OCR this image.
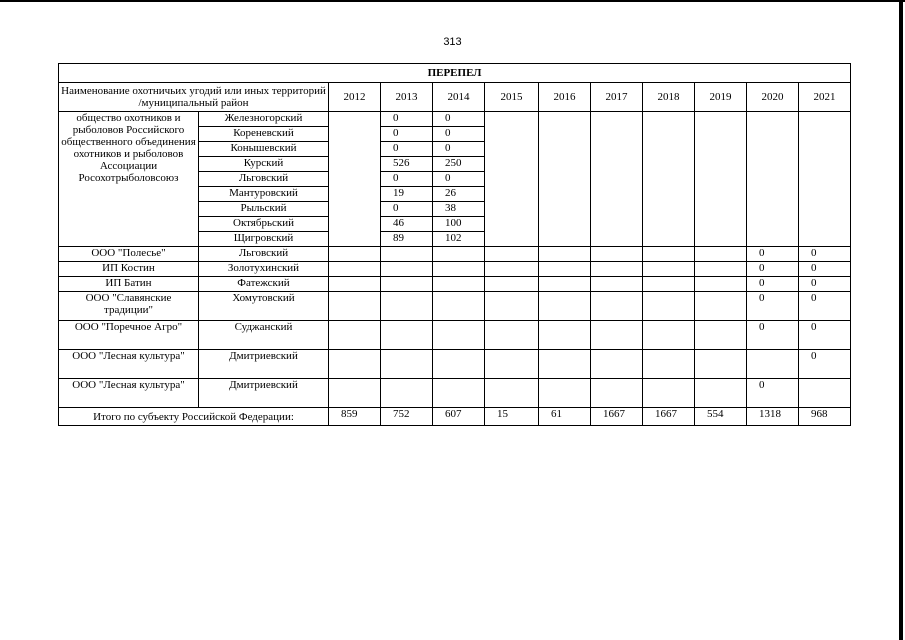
313
ПЕРЕПЕЛ											
Наименование охотничьих угодий или иных территорий /муниципальный район		2012	2013	2014	2015	2016	2017	2018	2019	2020	2021
общество охотников и рыболовов Российского общественного объединения охотников и рыболовов Ассоциации Росохотрыболовсоюз	Железногорский		0	0							
	Кореневский		0	0							
	Конышевский		0	0							
	Курский		526	250							
	Льговский		0	0							
	Мантуровский		19	26							
	Рыльский		0	38							
	Октябрьский		46	100							
	Щигровский		89	102							
ООО "Полесье"	Льговский									0	0
ИП Костин	Золотухинский									0	0
ИП Батин	Фатежский									0	0
ООО "Славянские традиции"	Хомутовский									0	0
ООО "Поречное Агро"	Суджанский									0	0
ООО "Лесная культура"	Дмитриевский										0
ООО "Лесная культура"	Дмитриевский									0	
Итого по субъекту Российской Федерации:		859	752	607	15	61	1667	1667	554	1318	968
